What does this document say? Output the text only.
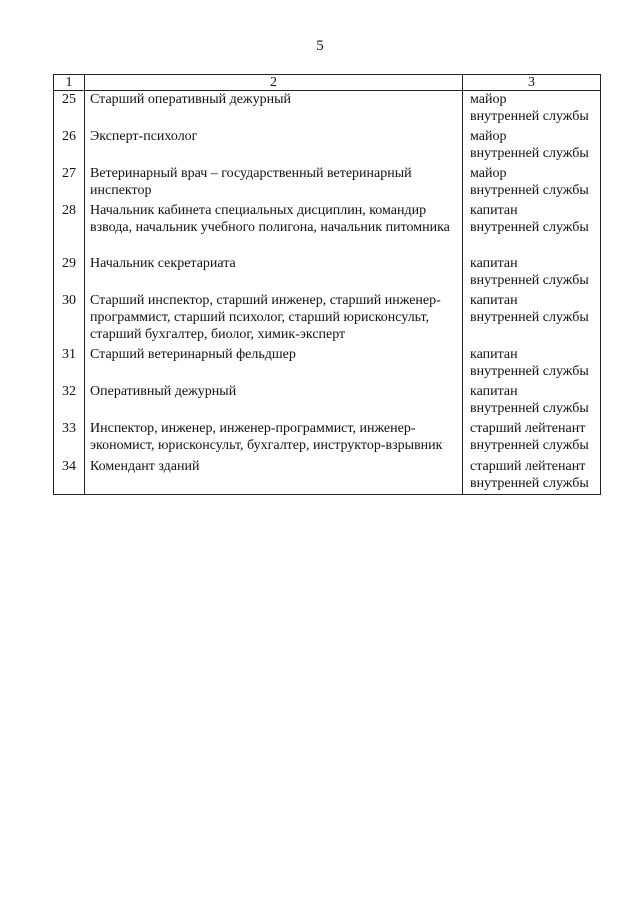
5
1	2	3
25	Старший оперативный дежурный	майор
внутренней службы

26	Эксперт-психолог	майор
внутренней службы

27	Ветеринарный врач – государственный ветеринарный инспектор	майор
внутренней службы

28	Начальник кабинета специальных дисциплин, командир взвода, начальник учебного полигона, начальник питомника	капитан
внутренней службы

29	Начальник секретариата	капитан
внутренней службы

30	Старший инспектор, старший инженер, старший инженер-программист, старший психолог, старший юрисконсульт, старший бухгалтер, биолог, химик-эксперт	капитан
внутренней службы

31	Старший ветеринарный фельдшер	капитан
внутренней службы

32	Оперативный дежурный	капитан
внутренней службы

33	Инспектор, инженер, инженер-программист, инженер-экономист, юрисконсульт, бухгалтер, инструктор-взрывник	старший лейтенант
внутренней службы

34	Комендант зданий	старший лейтенант
внутренней службы
